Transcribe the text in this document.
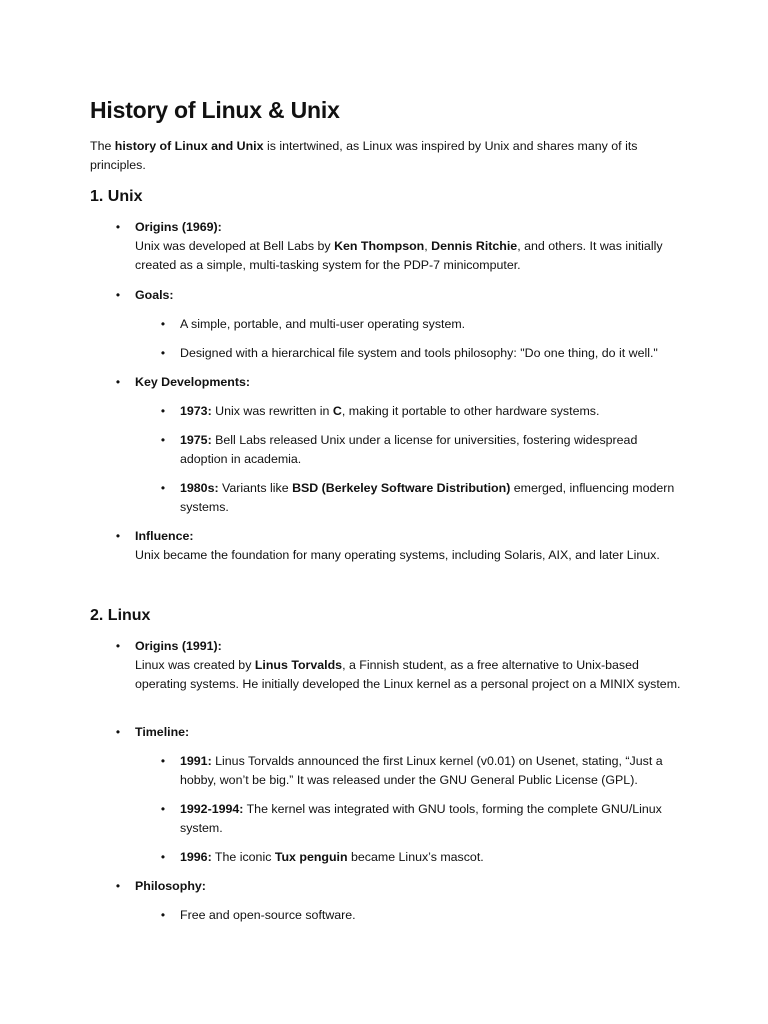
History of Linux & Unix

The history of Linux and Unix is intertwined, as Linux was inspired by Unix and shares many of its principles.

1. Unix
• Origins (1969):
Unix was developed at Bell Labs by Ken Thompson, Dennis Ritchie, and others. It was initially created as a simple, multi-tasking system for the PDP-7 minicomputer.
• Goals:
• A simple, portable, and multi-user operating system.
• Designed with a hierarchical file system and tools philosophy: "Do one thing, do it well."
• Key Developments:
• 1973: Unix was rewritten in C, making it portable to other hardware systems.
• 1975: Bell Labs released Unix under a license for universities, fostering widespread adoption in academia.
• 1980s: Variants like BSD (Berkeley Software Distribution) emerged, influencing modern systems.
• Influence:
Unix became the foundation for many operating systems, including Solaris, AIX, and later Linux.
2. Linux
• Origins (1991):
Linux was created by Linus Torvalds, a Finnish student, as a free alternative to Unix-based operating systems. He initially developed the Linux kernel as a personal project on a MINIX system.
• Timeline:
• 1991: Linus Torvalds announced the first Linux kernel (v0.01) on Usenet, stating, “Just a hobby, won’t be big.” It was released under the GNU General Public License (GPL).
• 1992-1994: The kernel was integrated with GNU tools, forming the complete GNU/Linux system.
• 1996: The iconic Tux penguin became Linux’s mascot.
• Philosophy:
• Free and open-source software.
